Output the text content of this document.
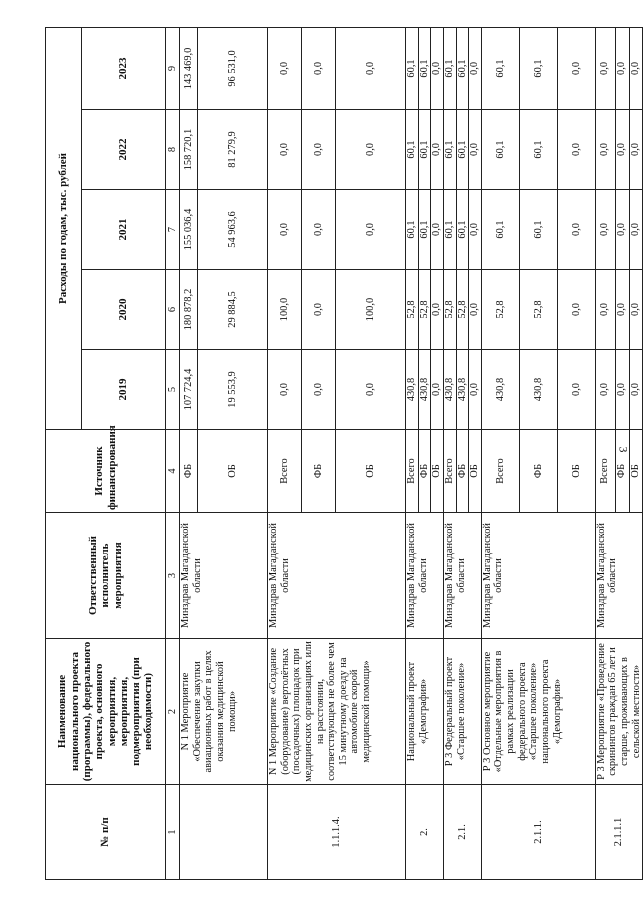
3
№ п/п	Наименование национального проекта (программы), федерального проекта, основного мероприятия, мероприятия, подмероприятия (при необходимости)	Ответственный исполнитель мероприятия	Источник финансирования	Расходы по годам, тыс. рублей				
				2019	2020	2021	2022	2023
1	2	3	4	5	6	7	8	9
	N 1 Мероприятие «Обеспечение закупки авиационных работ в целях оказания медицинской помощи»	Минздрав Магаданской области	ФБ	107 724,4	180 878,2	155 036,4	158 720,1	143 469,0
			ОБ	19 553,9	29 884,5	54 963,6	81 279,9	96 531,0
1.1.1.4.	N 1 Мероприятие «Создание (оборудование) вертолётных (посадочных) площадок при медицинских организациях или на расстоянии, соответствующем не более чем 15 минутному доезду на автомобиле скорой медицинской помощи»	Минздрав Магаданской области	Всего	0,0	100,0	0,0	0,0	0,0
			ФБ	0,0	0,0	0,0	0,0	0,0
			ОБ	0,0	100,0	0,0	0,0	0,0
2.	Национальный проект «Демография»	Минздрав Магаданской области	Всего	430,8	52,8	60,1	60,1	60,1
			ФБ	430,8	52,8	60,1	60,1	60,1
			ОБ	0,0	0,0	0,0	0,0	0,0
2.1.	Р 3 Федеральный проект «Старшее поколение»	Минздрав Магаданской области	Всего	430,8	52,8	60,1	60,1	60,1
			ФБ	430,8	52,8	60,1	60,1	60,1
			ОБ	0,0	0,0	0,0	0,0	0,0
2.1.1.	Р 3 Основное мероприятие «Отдельные мероприятия в рамках реализации федерального проекта «Старшее поколение» национального проекта «Демография»	Минздрав Магаданской области	Всего	430,8	52,8	60,1	60,1	60,1
			ФБ	430,8	52,8	60,1	60,1	60,1
			ОБ	0,0	0,0	0,0	0,0	0,0
2.1.1.1	Р 3 Мероприятие «Проведение скринингов граждан 65 лет и старше, проживающих в сельской местности»	Минздрав Магаданской области	Всего	0,0	0,0	0,0	0,0	0,0
			ФБ	0,0	0,0	0,0	0,0	0,0
			ОБ	0,0	0,0	0,0	0,0	0,0
